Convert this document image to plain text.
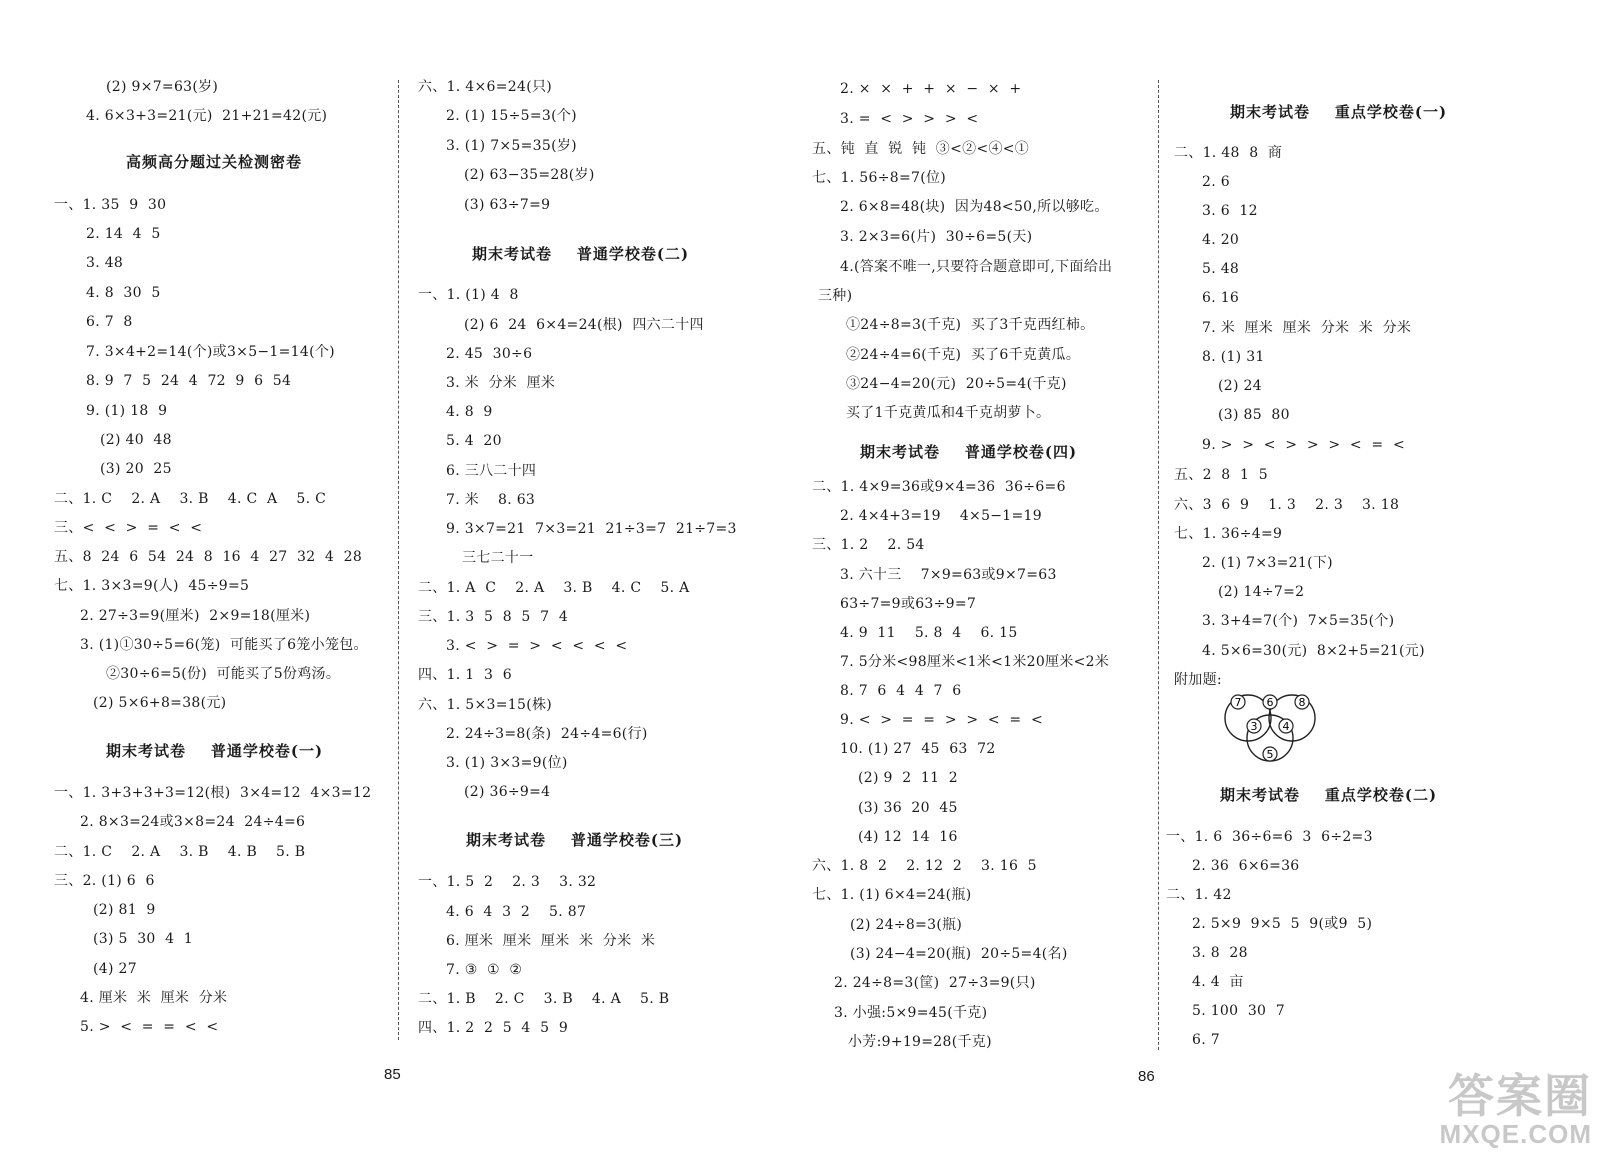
(2) 9×7=63(岁)
4. 6×3+3=21(元)  21+21=42(元)
高频高分题过关检测密卷
一、1. 35  9  30
2. 14  4  5
3. 48
4. 8  30  5
6. 7  8
7. 3×4+2=14(个)或3×5−1=14(个)
8. 9  7  5  24  4  72  9  6  54
9. (1) 18  9
(2) 40  48
(3) 20  25
二、1. C    2. A    3. B    4. C  A    5. C
三、<  <  >  =  <  <
五、8  24  6  54  24  8  16  4  27  32  4  28
七、1. 3×3=9(人)  45÷9=5
2. 27÷3=9(厘米)  2×9=18(厘米)
3. (1)①30÷5=6(笼)  可能买了6笼小笼包。
②30÷6=5(份)  可能买了5份鸡汤。
(2) 5×6+8=38(元)
期末考试卷    普通学校卷(一)
一、1. 3+3+3+3=12(根)  3×4=12  4×3=12
2. 8×3=24或3×8=24  24÷4=6
二、1. C    2. A    3. B    4. B    5. B
三、2. (1) 6  6
(2) 81  9
(3) 5  30  4  1
(4) 27
4. 厘米  米  厘米  分米
5. >  <  =  =  <  <
六、1. 4×6=24(只)
2. (1) 15÷5=3(个)
3. (1) 7×5=35(岁)
(2) 63−35=28(岁)
(3) 63÷7=9
期末考试卷    普通学校卷(二)
一、1. (1) 4  8
(2) 6  24  6×4=24(根)  四六二十四
2. 45  30÷6
3. 米  分米  厘米
4. 8  9
5. 4  20
6. 三八二十四
7. 米    8. 63
9. 3×7=21  7×3=21  21÷3=7  21÷7=3
三七二十一
二、1. A  C    2. A    3. B    4. C    5. A
三、1. 3  5  8  5  7  4
3. <  >  =  >  <  <  <  <
四、1. 1  3  6
六、1. 5×3=15(株)
2. 24÷3=8(条)  24÷4=6(行)
3. (1) 3×3=9(位)
(2) 36÷9=4
期末考试卷    普通学校卷(三)
一、1. 5  2    2. 3    3. 32
4. 6  4  3  2    5. 87
6. 厘米  厘米  厘米  米  分米  米
7. ③  ①  ②
二、1. B    2. C    3. B    4. A    5. B
四、1. 2  2  5  4  5  9
85
2. ×  ×  +  +  ×  −  ×  +
3. =  <  >  >  >  <
五、钝  直  锐  钝  ③<②<④<①
七、1. 56÷8=7(位)
2. 6×8=48(块)  因为48<50,所以够吃。
3. 2×3=6(片)  30÷6=5(天)
4.(答案不唯一,只要符合题意即可,下面给出
三种)
①24÷8=3(千克)  买了3千克西红柿。
②24÷4=6(千克)  买了6千克黄瓜。
③24−4=20(元)  20÷5=4(千克)
买了1千克黄瓜和4千克胡萝卜。
期末考试卷    普通学校卷(四)
二、1. 4×9=36或9×4=36  36÷6=6
2. 4×4+3=19    4×5−1=19
三、1. 2    2. 54
3. 六十三    7×9=63或9×7=63
63÷7=9或63÷9=7
4. 9  11    5. 8  4    6. 15
7. 5分米<98厘米<1米<1米20厘米<2米
8. 7  6  4  4  7  6
9. <  >  =  =  >  >  <  =  <
10. (1) 27  45  63  72
(2) 9  2  11  2
(3) 36  20  45
(4) 12  14  16
六、1. 8  2    2. 12  2    3. 16  5
七、1. (1) 6×4=24(瓶)
(2) 24÷8=3(瓶)
(3) 24−4=20(瓶)  20÷5=4(名)
2. 24÷8=3(筐)  27÷3=9(只)
3. 小强:5×9=45(千克)
小芳:9+19=28(千克)
期末考试卷    重点学校卷(一)
二、1. 48  8  商
2. 6
3. 6  12
4. 20
5. 48
6. 16
7. 米  厘米  厘米  分米  米  分米
8. (1) 31
(2) 24
(3) 85  80
9. >  >  <  >  >  >  <  =  <
五、2  8  1  5
六、3  6  9    1. 3    2. 3    3. 18
七、1. 36÷4=9
2. (1) 7×3=21(下)
(2) 14÷7=2
3. 3+4=7(个)  7×5=35(个)
4. 5×6=30(元)  8×2+5=21(元)
附加题:
7 6 8
3 4
5
期末考试卷    重点学校卷(二)
一、1. 6  36÷6=6  3  6÷2=3
2. 36  6×6=36
二、1. 42
2. 5×9  9×5  5  9(或9  5)
3. 8  28
4. 4  亩
5. 100  30  7
6. 7
86	答案圈
MXQE.COM
